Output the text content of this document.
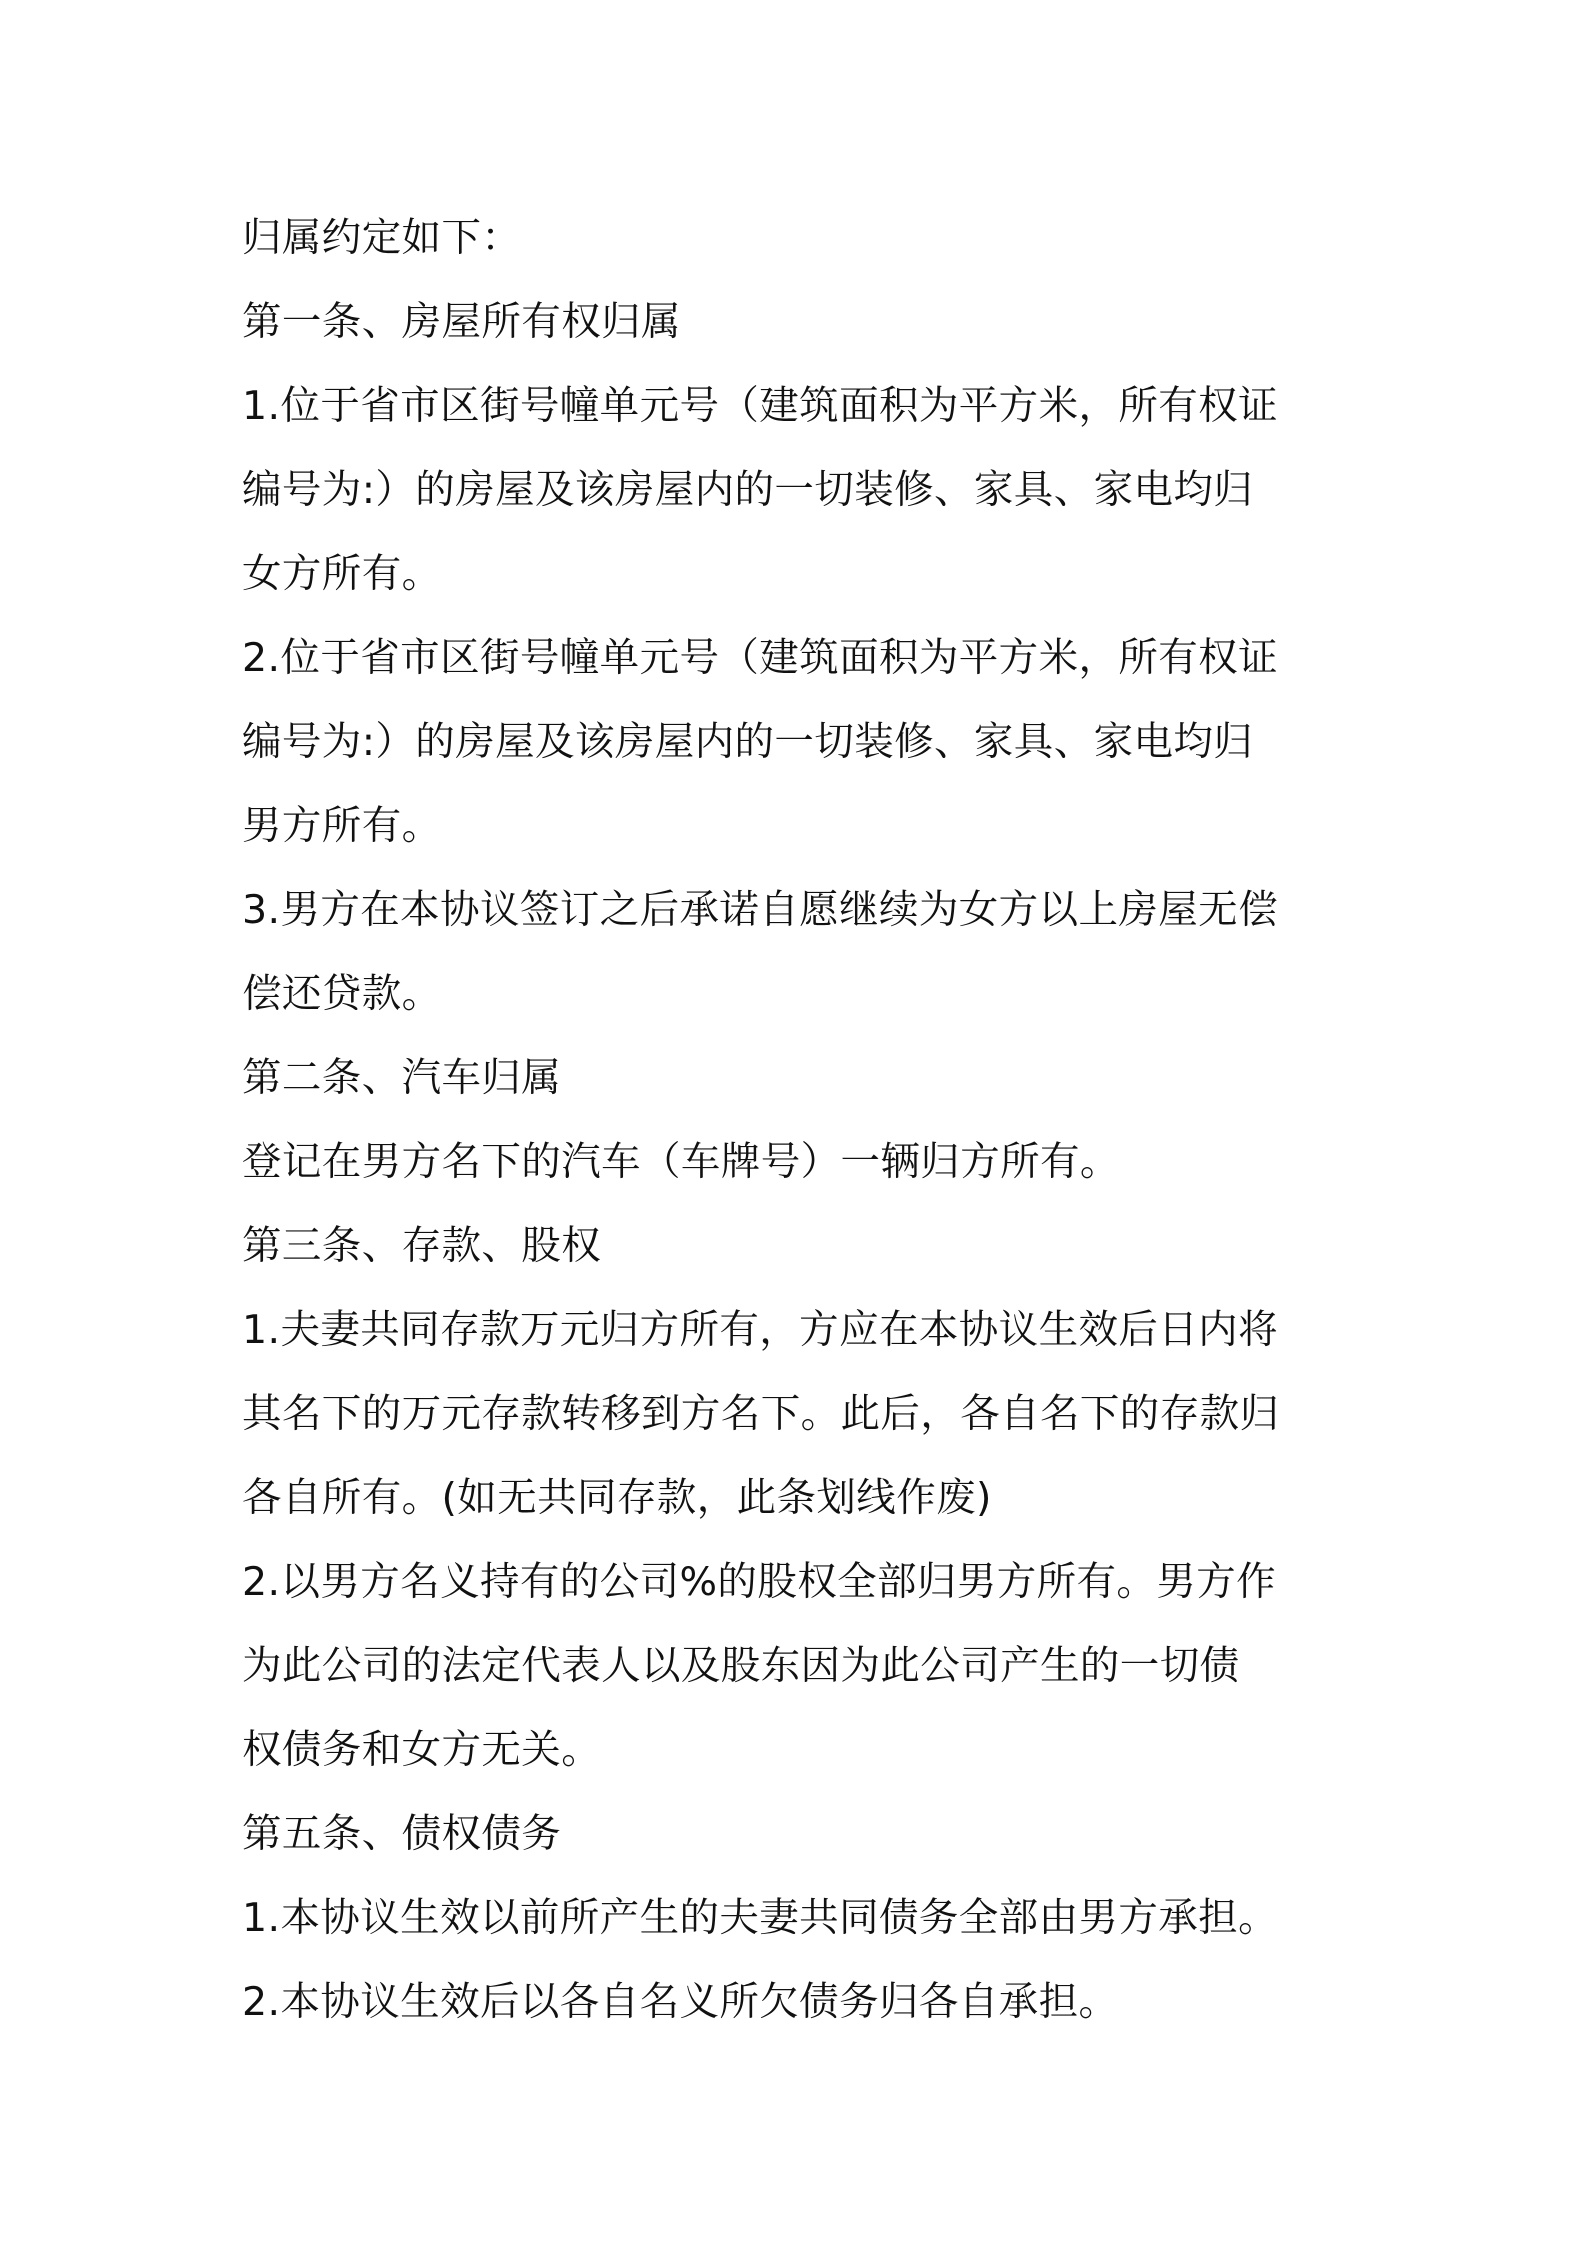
归属约定如下：
第一条、房屋所有权归属
1.位于省市区街号幢单元号（建筑面积为平方米，所有权证
编号为:）的房屋及该房屋内的一切装修、家具、家电均归
女方所有。
2.位于省市区街号幢单元号（建筑面积为平方米，所有权证
编号为:）的房屋及该房屋内的一切装修、家具、家电均归
男方所有。
3.男方在本协议签订之后承诺自愿继续为女方以上房屋无偿
偿还贷款。
第二条、汽车归属
登记在男方名下的汽车（车牌号）一辆归方所有。
第三条、存款、股权
1.夫妻共同存款万元归方所有，方应在本协议生效后日内将
其名下的万元存款转移到方名下。此后，各自名下的存款归
各自所有。(如无共同存款，此条划线作废)
2.以男方名义持有的公司%的股权全部归男方所有。男方作
为此公司的法定代表人以及股东因为此公司产生的一切债
权债务和女方无关。
第五条、债权债务
1.本协议生效以前所产生的夫妻共同债务全部由男方承担。
2.本协议生效后以各自名义所欠债务归各自承担。
